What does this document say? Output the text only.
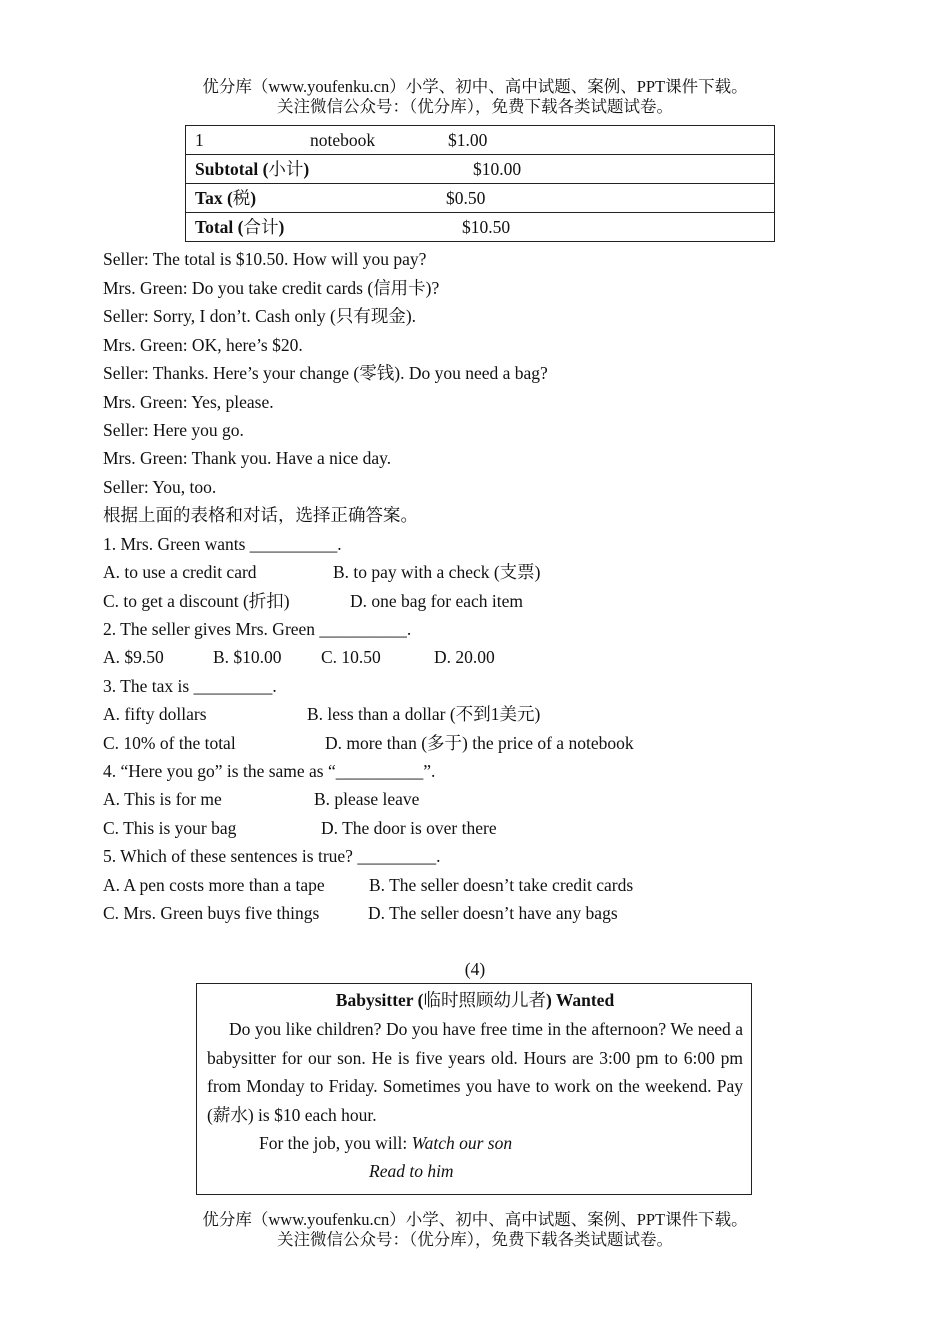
优分库（www.youfenku.cn）小学、初中、高中试题、案例、PPT课件下载。
关注微信公众号：（优分库），免费下载各类试题试卷。
1	notebook	$1.00

Subtotal (小计)	$10.00

Tax (税)	$0.50

Total (合计)	$10.50
Seller: The total is $10.50. How will you pay?
Mrs. Green: Do you take credit cards (信用卡)?
Seller: Sorry, I don’t. Cash only (只有现金).
Mrs. Green: OK, here’s $20.
Seller: Thanks. Here’s your change (零钱). Do you need a bag?
Mrs. Green: Yes, please.
Seller: Here you go.
Mrs. Green: Thank you. Have a nice day.
Seller: You, too.
根据上面的表格和对话，选择正确答案。
1. Mrs. Green wants __________.
A. to use a credit card	B. to pay with a check (支票)
C. to get a discount (折扣)	D. one bag for each item
2. The seller gives Mrs. Green __________.
A. $9.50	B. $10.00 C. 10.50	D. 20.00
3. The tax is _________.
A. fifty dollars	B. less than a dollar (不到1美元)
C. 10% of the total	D. more than (多于) the price of a notebook
4. “Here you go” is the same as “__________”.
A. This is for me	B. please leave
C. This is your bag	D. The door is over there
5. Which of these sentences is true? _________.
A. A pen costs more than a tape	B. The seller doesn’t take credit cards
C. Mrs. Green buys five things	D. The seller doesn’t have any bags
(4)
Babysitter (临时照顾幼儿者) Wanted
Do you like children? Do you have free time in the afternoon? We need a babysitter for our son. He is five years old. Hours are 3:00 pm to 6:00 pm from Monday to Friday. Sometimes you have to work on the weekend. Pay (薪水) is $10 each hour.
For the job, you will: Watch our son
Read to him
优分库（www.youfenku.cn）小学、初中、高中试题、案例、PPT课件下载。
关注微信公众号：（优分库），免费下载各类试题试卷。
